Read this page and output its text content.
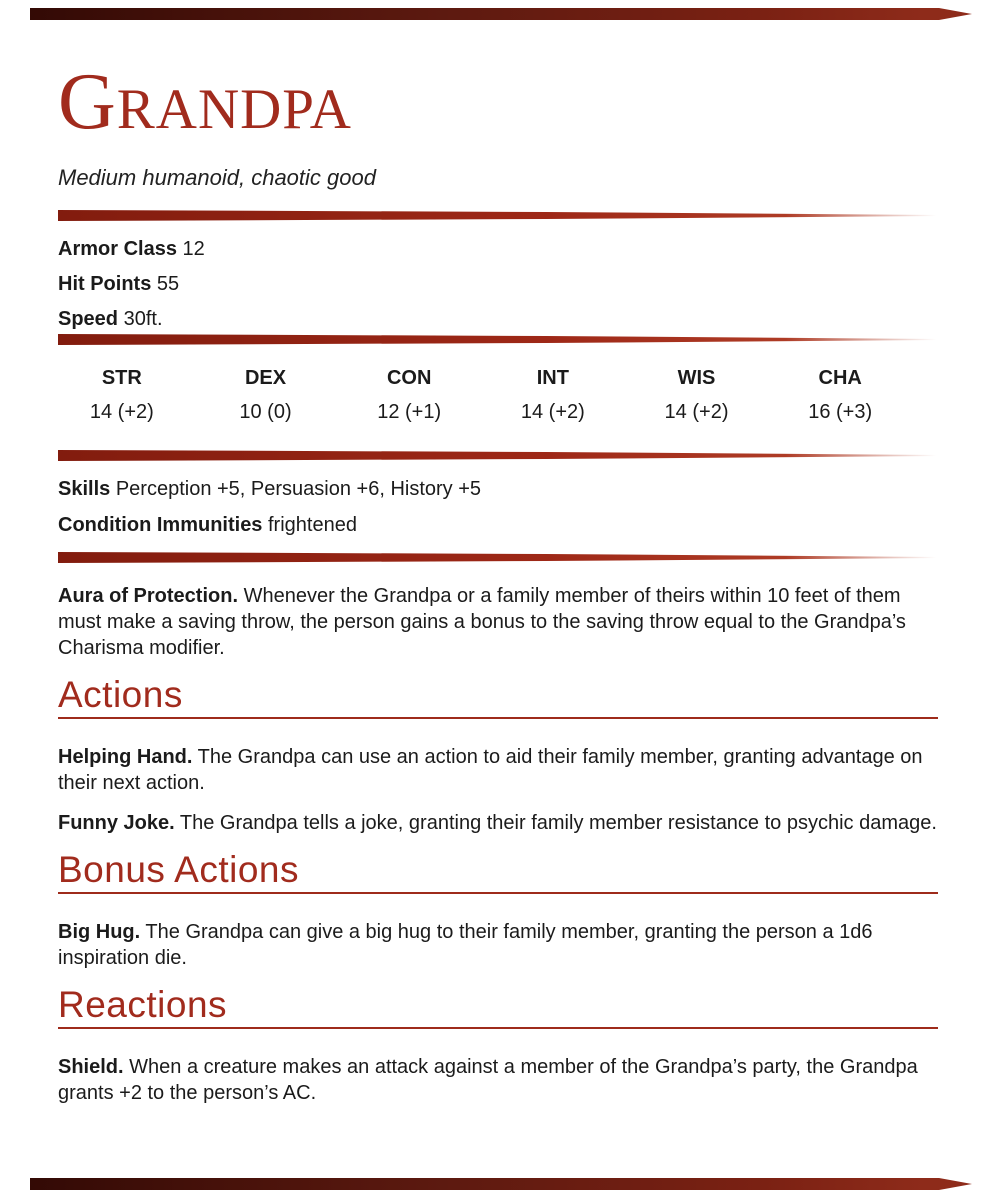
GRANDPA
Medium humanoid, chaotic good

Armor Class 12

Hit Points 55

Speed 30ft.

STR
14 (+2)
DEX
10 (0)
CON
12 (+1)
INT
14 (+2)
WIS
14 (+2)
CHA
16 (+3)

Skills Perception +5, Persuasion +6, History +5

Condition Immunities frightened

Aura of Protection. Whenever the Grandpa or a family member of theirs within 10 feet of them must make a saving throw, the person gains a bonus to the saving throw equal to the Grandpa’s Charisma modifier.

Actions

Helping Hand. The Grandpa can use an action to aid their family member, granting advantage on their next action.

Funny Joke. The Grandpa tells a joke, granting their family member resistance to psychic damage.

Bonus Actions

Big Hug. The Grandpa can give a big hug to their family member, granting the person a 1d6 inspiration die.

Reactions

Shield. When a creature makes an attack against a member of the Grandpa’s party, the Grandpa grants +2 to the person’s AC.
